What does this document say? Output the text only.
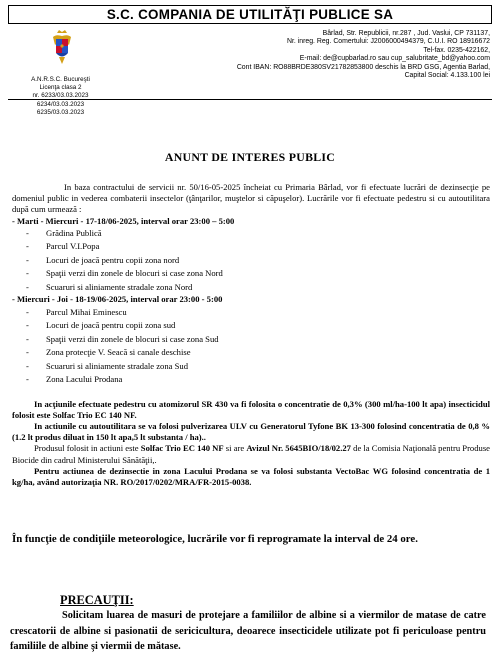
S.C. COMPANIA DE UTILITĂŢI PUBLICE SA
A.N.R.S.C. Bucureşti
Licenţa clasa 2
nr. 6233/03.03.2023
6234/03.03.2023
6235/03.03.2023
Bârlad, Str. Republicii, nr.287 , Jud. Vaslui, CP 731137,
Nr. inreg. Reg. Comertului: J2006000494379, C.U.I. RO 18916672
Tel-fax. 0235-422162,
E-mail: de@cupbarlad.ro sau cup_salubritate_bd@yahoo.com
Cont IBAN: RO88BRDE380SV21782853800 deschis la BRD GSG, Agentia Barlad,
Capital Social: 4.133.100 lei
ANUNT DE INTERES PUBLIC

In baza contractului de servicii nr. 50/16-05-2025 încheiat cu Primaria Bârlad, vor fi efectuate lucrări de dezinsecţie pe domeniul public in vederea combaterii insectelor (ţânţarilor, muştelor si căpuşelor). Lucrările vor fi efectuate pedestru si cu autoutilitara după cum urmează :

- Marti - Miercuri - 17-18/06-2025, interval orar 23:00 – 5:00

-	Grădina Publică
-	Parcul V.I.Popa
-	Locuri de joacă pentru copii zona nord
-	Spaţii verzi din zonele de blocuri si case zona Nord
-	Scuaruri si aliniamente stradale zona Nord

- Miercuri - Joi - 18-19/06-2025, interval orar 23:00 - 5:00

-	Parcul Mihai Eminescu
-	Locuri de joacă pentru copii zona sud
-	Spaţii verzi din zonele de blocuri si case zona Sud
-	Zona protecţie V. Seacă si canale deschise
-	Scuaruri si aliniamente stradale zona Sud
-	Zona Lacului Prodana

In acţiunile efectuate pedestru cu atomizorul SR 430 va fi folosita o concentratie de 0,3% (300 ml/ha-100 lt apa) insecticidul folosit este Solfac Trio EC 140 NF.

In actiunile cu autoutilitara se va folosi pulverizarea ULV cu Generatorul Tyfone BK 13-300 folosind concentratia de 0,8 % (1.2 lt produs diluat in 150 lt apa,5 lt substanta / ha)..

Produsul folosit in actiuni este Solfac Trio EC 140 NF si are Avizul Nr. 5645BIO/18/02.27 de la Comisia Naţională pentru Produse Biocide din cadrul Ministerului Sănătăţii,.

Pentru actiunea de dezinsectie in zona Lacului Prodana se va folosi substanta VectoBac WG folosind concentratia de 1 kg/ha, având autorizaţia NR. RO/2017/0202/MRA/FR-2015-0038.

În funcţie de condiţiile meteorologice, lucrările vor fi reprogramate la interval de 24 ore.

PRECAUŢII:

Solicitam luarea de masuri de protejare a familiilor de albine si a viermilor de matase de catre crescatorii de albine si pasionatii de sericicultura, deoarece insecticidele utilizate pot fi periculoase pentru familiile de albine şi viermii de mătase.
